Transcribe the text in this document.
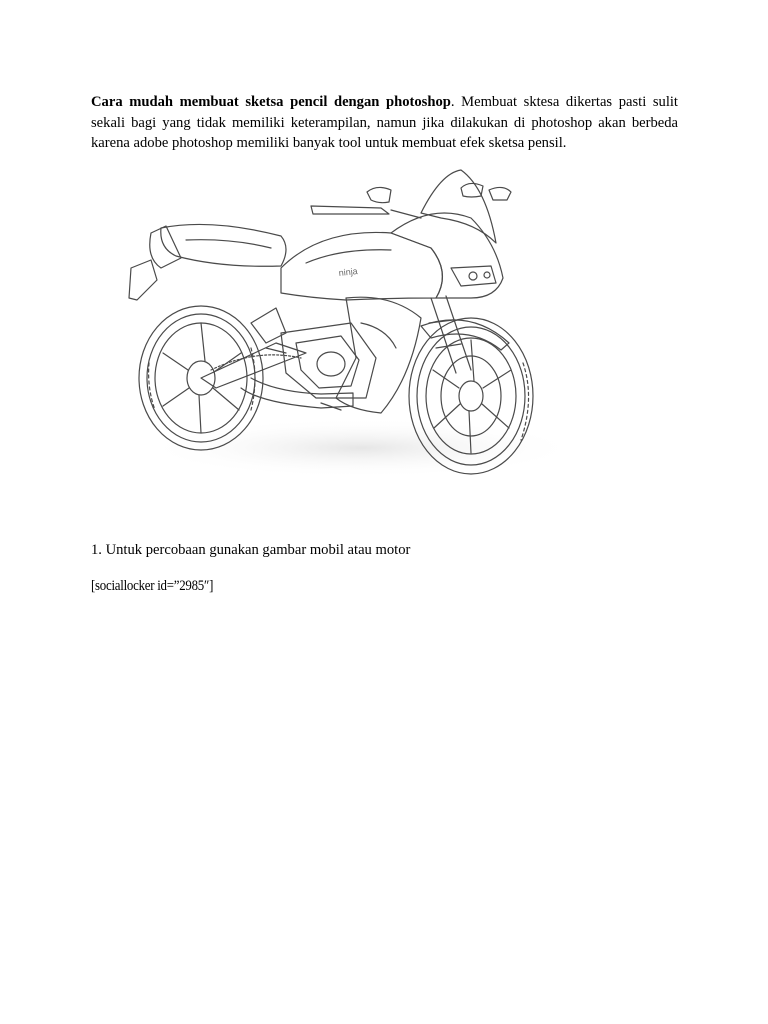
Cara mudah membuat sketsa pencil dengan photoshop. Membuat sktesa dikertas pasti sulit sekali bagi yang tidak memiliki keterampilan, namun jika dilakukan di photoshop akan berbeda karena adobe photoshop memiliki banyak tool untuk membuat efek sketsa pensil.

ninja

1. Untuk percobaan gunakan gambar mobil atau motor

[sociallocker id=”2985″]
